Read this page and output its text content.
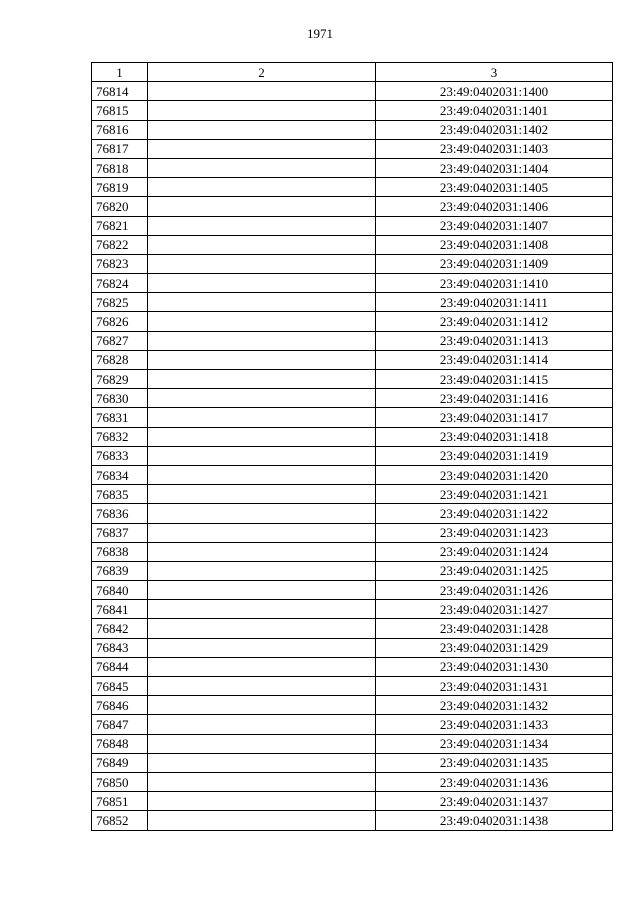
1971
1	2	3
76814		23:49:0402031:1400
76815		23:49:0402031:1401
76816		23:49:0402031:1402
76817		23:49:0402031:1403
76818		23:49:0402031:1404
76819		23:49:0402031:1405
76820		23:49:0402031:1406
76821		23:49:0402031:1407
76822		23:49:0402031:1408
76823		23:49:0402031:1409
76824		23:49:0402031:1410
76825		23:49:0402031:1411
76826		23:49:0402031:1412
76827		23:49:0402031:1413
76828		23:49:0402031:1414
76829		23:49:0402031:1415
76830		23:49:0402031:1416
76831		23:49:0402031:1417
76832		23:49:0402031:1418
76833		23:49:0402031:1419
76834		23:49:0402031:1420
76835		23:49:0402031:1421
76836		23:49:0402031:1422
76837		23:49:0402031:1423
76838		23:49:0402031:1424
76839		23:49:0402031:1425
76840		23:49:0402031:1426
76841		23:49:0402031:1427
76842		23:49:0402031:1428
76843		23:49:0402031:1429
76844		23:49:0402031:1430
76845		23:49:0402031:1431
76846		23:49:0402031:1432
76847		23:49:0402031:1433
76848		23:49:0402031:1434
76849		23:49:0402031:1435
76850		23:49:0402031:1436
76851		23:49:0402031:1437
76852		23:49:0402031:1438
